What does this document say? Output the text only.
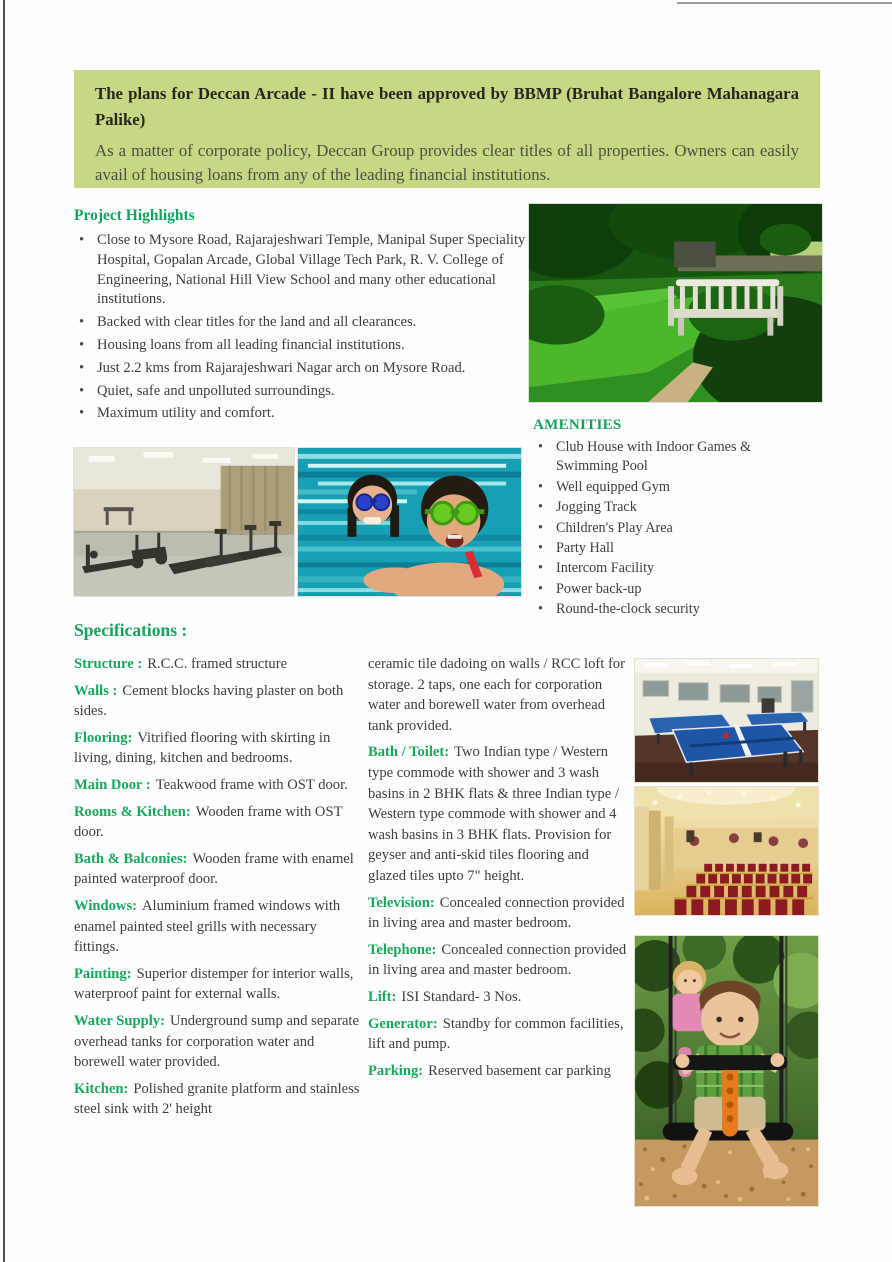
The plans for Deccan Arcade - II have been approved by BBMP (Bruhat Bangalore Mahanagara Palike)

As a matter of corporate policy, Deccan Group provides clear titles of all properties. Owners can easily avail of housing loans from any of the leading financial institutions.

Project Highlights
• Close to Mysore Road, Rajarajeshwari Temple, Manipal Super Speciality Hospital, Gopalan Arcade, Global Village Tech Park, R. V. College of Engineering, National Hill View School and many other educational institutions.
• Backed with clear titles for the land and all clearances.
• Housing loans from all leading financial institutions.
• Just 2.2 kms from Rajarajeshwari Nagar arch on Mysore Road.
• Quiet, safe and unpolluted surroundings.
• Maximum utility and comfort.
AMENITIES
• Club House with Indoor Games & Swimming Pool
• Well equipped Gym
• Jogging Track
• Children's Play Area
• Party Hall
• Intercom Facility
• Power back-up
• Round-the-clock security
Specifications :

Structure : R.C.C. framed structure

Walls : Cement blocks having plaster on both sides.

Flooring: Vitrified flooring with skirting in living, dining, kitchen and bedrooms.

Main Door : Teakwood frame with OST door.

Rooms & Kitchen: Wooden frame with OST door.

Bath & Balconies: Wooden frame with enamel painted waterproof door.

Windows: Aluminium framed windows with enamel painted steel grills with necessary fittings.

Painting: Superior distemper for interior walls, waterproof paint for external walls.

Water Supply: Underground sump and separate overhead tanks for corporation water and borewell water provided.

Kitchen: Polished granite platform and stainless steel sink with 2' height

ceramic tile dadoing on walls / RCC loft for storage. 2 taps, one each for corporation water and borewell water from overhead tank provided.

Bath / Toilet: Two Indian type / Western type commode with shower and 3 wash basins in 2 BHK flats & three Indian type / Western type commode with shower and 4 wash basins in 3 BHK flats. Provision for geyser and anti-skid tiles flooring and glazed tiles upto 7" height.

Television: Concealed connection provided in living area and master bedroom.

Telephone: Concealed connection provided in living area and master bedroom.

Lift: ISI Standard- 3 Nos.

Generator: Standby for common facilities, lift and pump.

Parking: Reserved basement car parking
